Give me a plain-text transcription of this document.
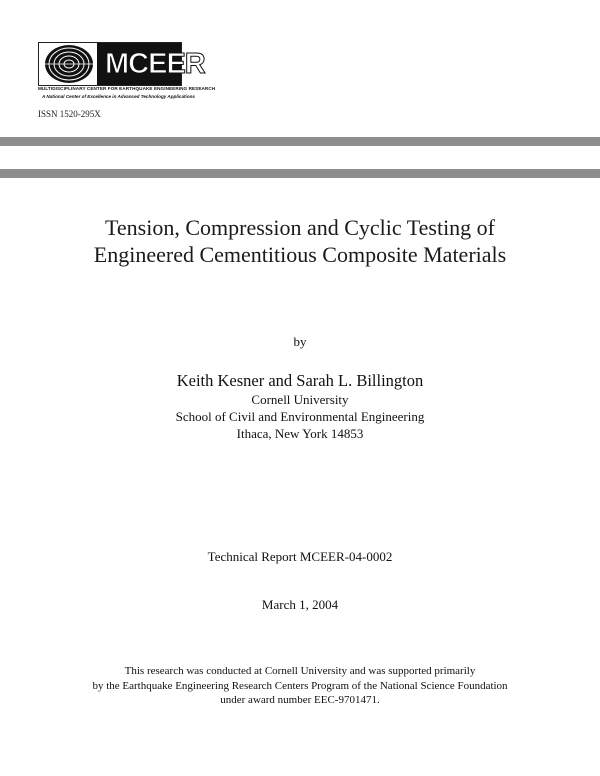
MCEER
MULTIDISCIPLINARY CENTER FOR EARTHQUAKE ENGINEERING RESEARCH
A National Center of Excellence in Advanced Technology Applications
ISSN 1520-295X
Tension, Compression and Cyclic Testing of
Engineered Cementitious Composite Materials
by
Keith Kesner and Sarah L. Billington
Cornell University
School of Civil and Environmental Engineering
Ithaca, New York 14853
Technical Report MCEER-04-0002
March 1, 2004
This research was conducted at Cornell University and was supported primarily
by the Earthquake Engineering Research Centers Program of the National Science Foundation
under award number EEC-9701471.
